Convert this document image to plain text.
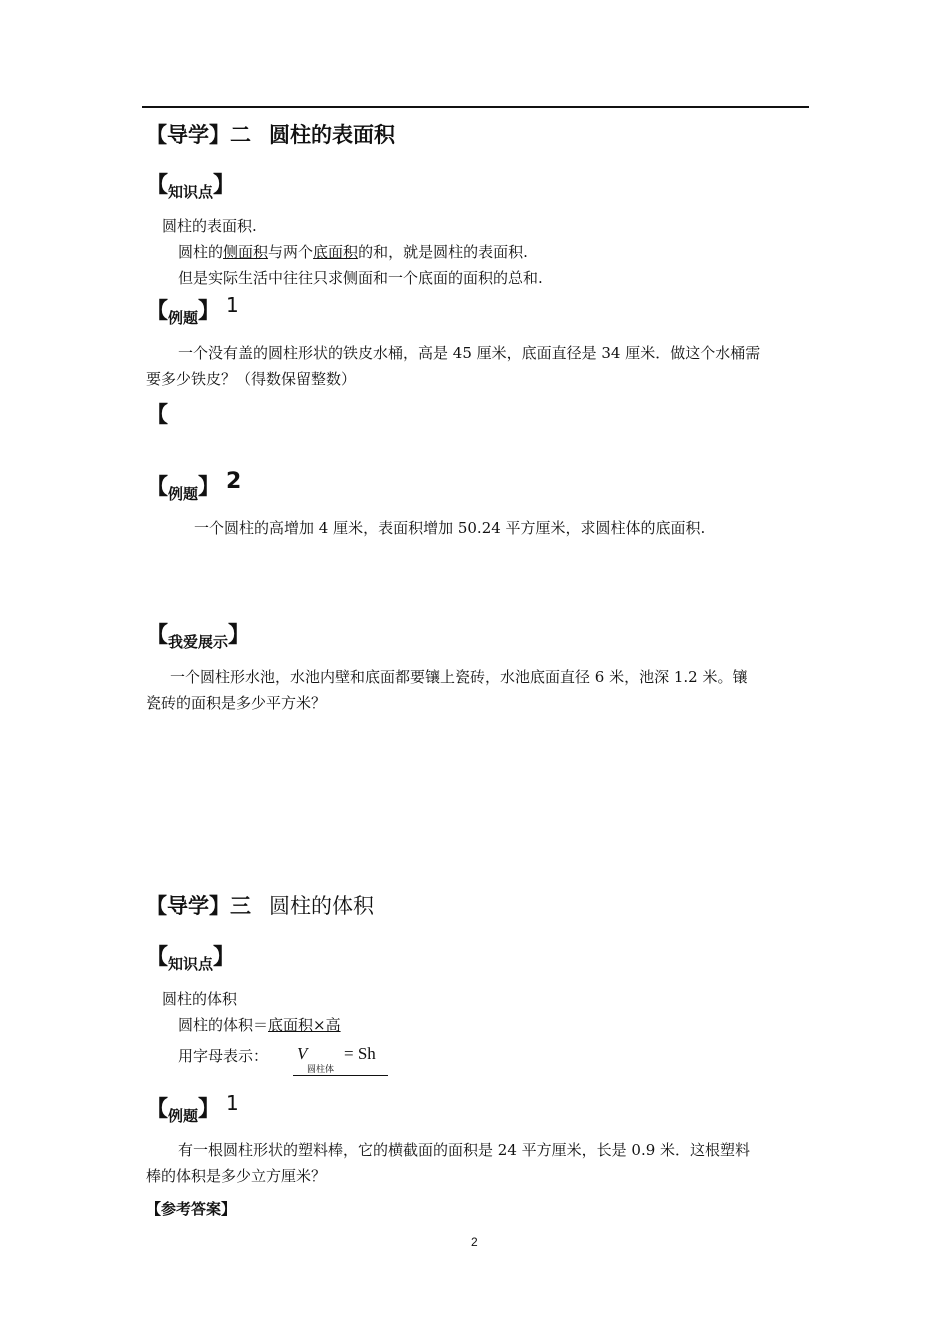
【导学】二 圆柱的表面积
【知识点】
圆柱的表面积.
圆柱的侧面积与两个底面积的和，就是圆柱的表面积.
但是实际生活中往往只求侧面和一个底面的面积的总和.
【例题】 1
一个没有盖的圆柱形状的铁皮水桶，高是 45 厘米，底面直径是 34 厘米．做这个水桶需
要多少铁皮？（得数保留整数）
【
【例题】 2
一个圆柱的高增加 4 厘米，表面积增加 50.24 平方厘米，求圆柱体的底面积.
【我爱展示】
一个圆柱形水池，水池内壁和底面都要镶上瓷砖，水池底面直径 6 米，池深 1.2 米。镶
瓷砖的面积是多少平方米？
【导学】三 圆柱的体积
【知识点】
圆柱的体积
圆柱的体积＝底面积×高
用字母表示： V
圆柱体
= Sh
【例题】 1
有一根圆柱形状的塑料棒，它的横截面的面积是 24 平方厘米，长是 0.9 米．这根塑料
棒的体积是多少立方厘米？
【参考答案】
2
